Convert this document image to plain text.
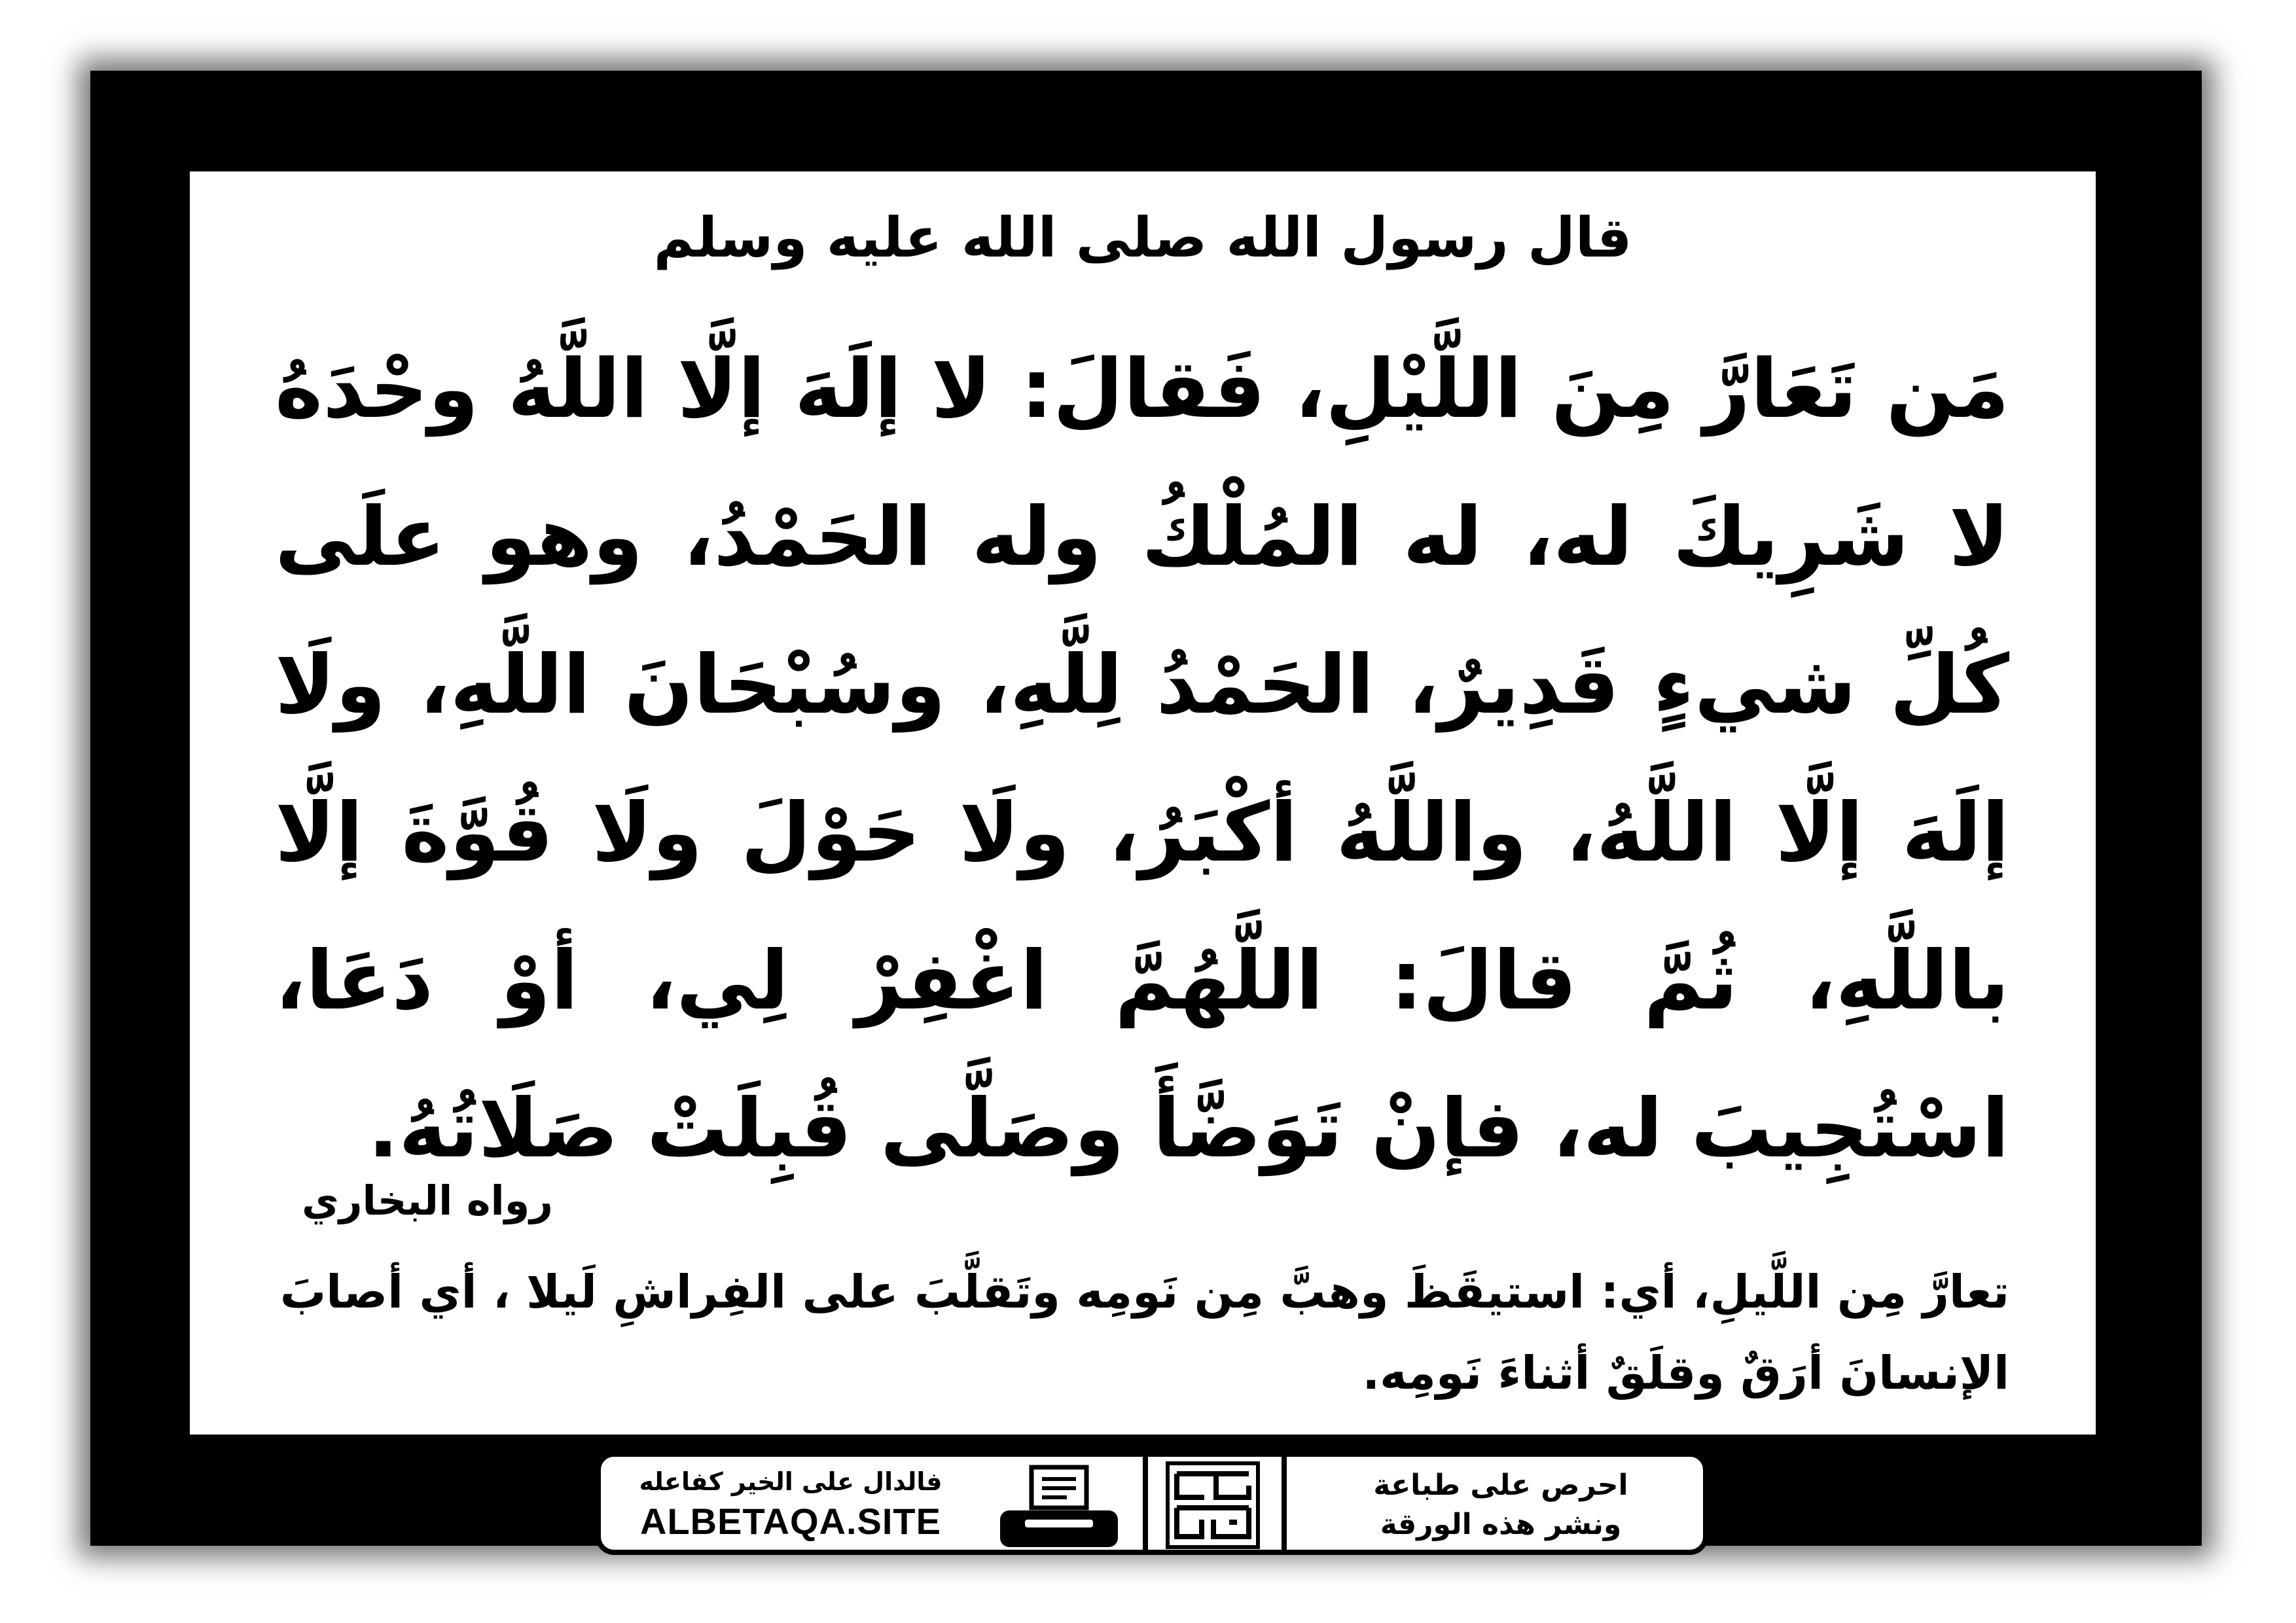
قال رسول الله صلى الله عليه وسلم

مَن تَعَارَّ مِنَ اللَّيْلِ، فَقالَ: لا إلَهَ إلَّا اللَّهُ وحْدَهُ لا شَرِيكَ له، له المُلْكُ وله الحَمْدُ، وهو علَى كُلِّ شيءٍ قَدِيرٌ، الحَمْدُ لِلَّهِ، وسُبْحَانَ اللَّهِ، ولَا إلَهَ إلَّا اللَّهُ، واللَّهُ أكْبَرُ، ولَا حَوْلَ ولَا قُوَّةَ إلَّا باللَّهِ، ثُمَّ قالَ: اللَّهُمَّ اغْفِرْ لِي، أوْ دَعَا، اسْتُجِيبَ له، فإنْ تَوَضَّأَ وصَلَّى قُبِلَتْ صَلَاتُهُ.

رواه البخاري

تعارَّ مِن اللَّيلِ، أي: استيقَظَ وهبَّ مِن نَومِه وتَقلَّبَ على الفِراشِ لَيلا ، أي أصابَ الإنسانَ أرَقٌ وقلَقٌ أثناءَ نَومِه.

فالدال على الخير كفاعله
ALBETAQA.SITE
احرص على طباعة
ونشر هذه الورقة
